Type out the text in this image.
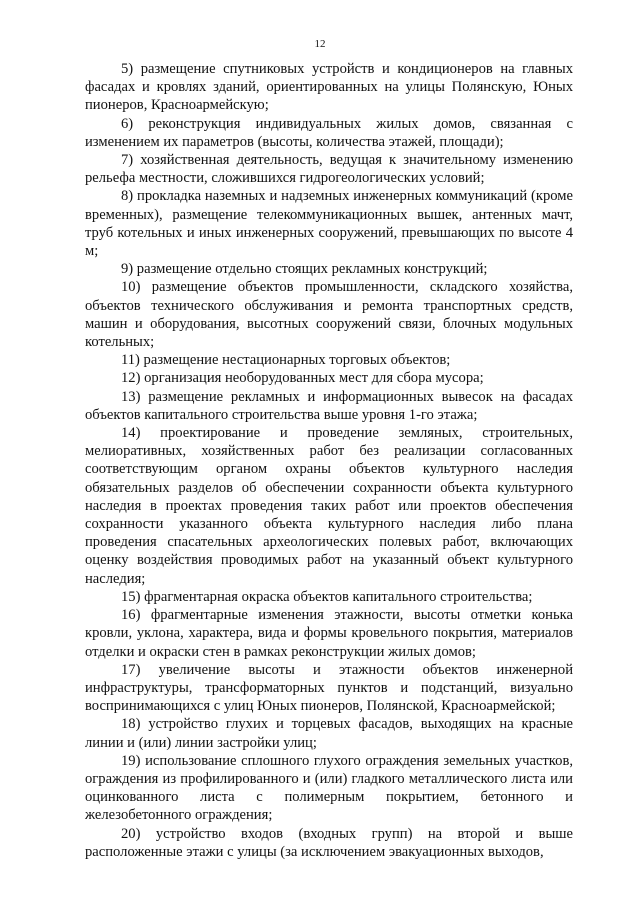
12

5) размещение спутниковых устройств и кондиционеров на главных фасадах и кровлях зданий, ориентированных на улицы Полянскую, Юных пионеров, Красноармейскую;

6) реконструкция индивидуальных жилых домов, связанная с изменением их параметров (высоты, количества этажей, площади);

7) хозяйственная деятельность, ведущая к значительному изменению рельефа местности, сложившихся гидрогеологических условий;

8) прокладка наземных и надземных инженерных коммуникаций (кроме временных), размещение телекоммуникационных вышек, антенных мачт, труб котельных и иных инженерных сооружений, превышающих по высоте 4 м;

9) размещение отдельно стоящих рекламных конструкций;

10) размещение объектов промышленности, складского хозяйства, объектов технического обслуживания и ремонта транспортных средств, машин и оборудования, высотных сооружений связи, блочных модульных котельных;

11) размещение нестационарных торговых объектов;

12) организация необорудованных мест для сбора мусора;

13) размещение рекламных и информационных вывесок на фасадах объектов капитального строительства выше уровня 1-го этажа;

14) проектирование и проведение земляных, строительных, мелиоративных, хозяйственных работ без реализации согласованных соответствующим органом охраны объектов культурного наследия обязательных разделов об обеспечении сохранности объекта культурного наследия в проектах проведения таких работ или проектов обеспечения сохранности указанного объекта культурного наследия либо плана проведения спасательных археологических полевых работ, включающих оценку воздействия проводимых работ на указанный объект культурного наследия;

15) фрагментарная окраска объектов капитального строительства;

16) фрагментарные изменения этажности, высоты отметки конька кровли, уклона, характера, вида и формы кровельного покрытия, материалов отделки и окраски стен в рамках реконструкции жилых домов;

17) увеличение высоты и этажности объектов инженерной инфраструктуры, трансформаторных пунктов и подстанций, визуально воспринимающихся с улиц Юных пионеров, Полянской, Красноармейской;

18) устройство глухих и торцевых фасадов, выходящих на красные линии и (или) линии застройки улиц;

19) использование сплошного глухого ограждения земельных участков, ограждения из профилированного и (или) гладкого металлического листа или оцинкованного листа с полимерным покрытием, бетонного и железобетонного ограждения;

20) устройство входов (входных групп) на второй и выше расположенные этажи с улицы (за исключением эвакуационных выходов,
